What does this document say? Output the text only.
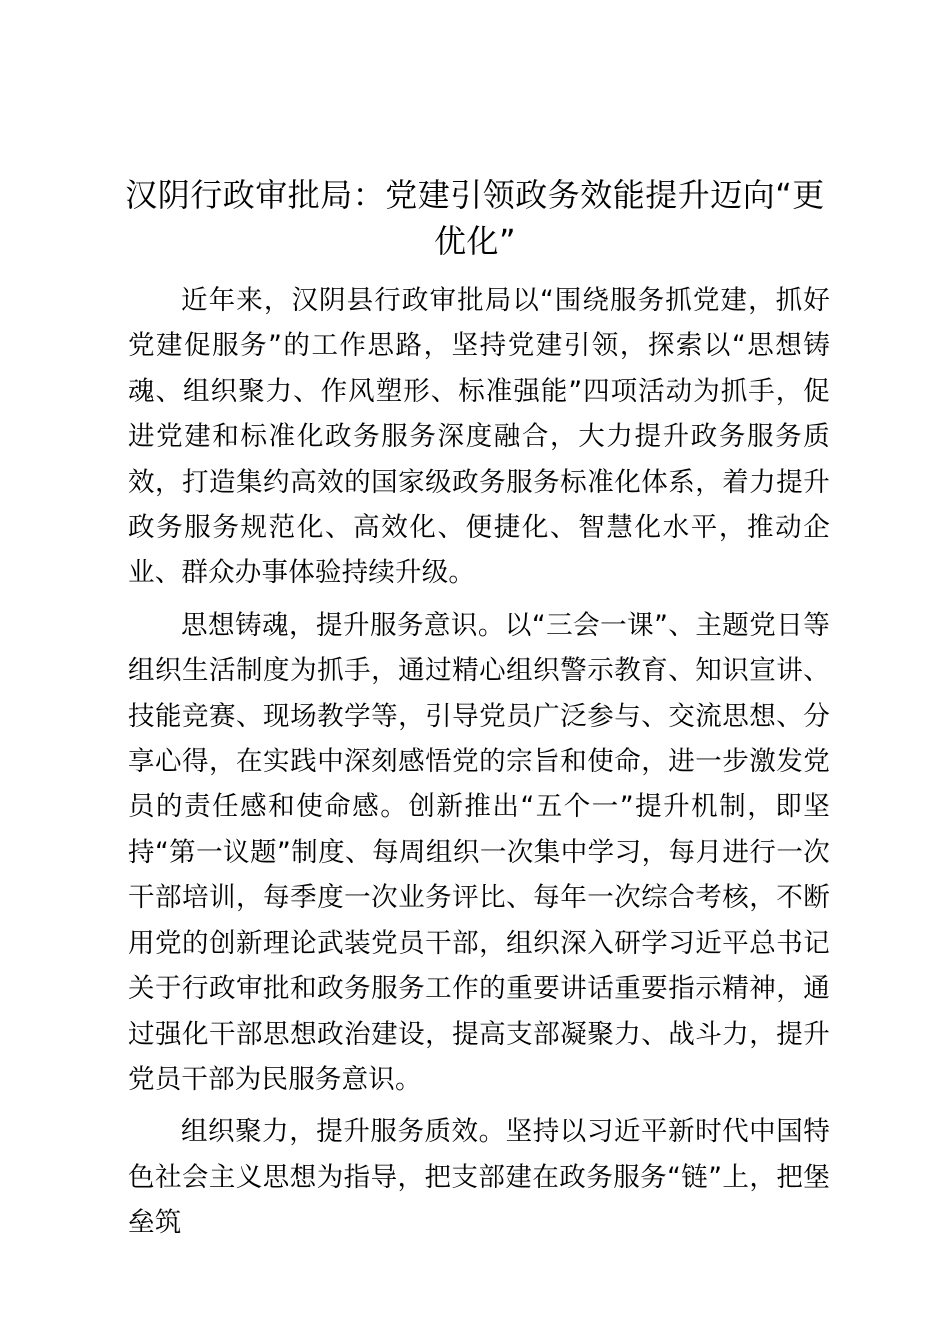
汉阴行政审批局：党建引领政务效能提升迈向“更优化”

近年来，汉阴县行政审批局以“围绕服务抓党建，抓好党建促服务”的工作思路，坚持党建引领，探索以“思想铸魂、组织聚力、作风塑形、标准强能”四项活动为抓手，促进党建和标准化政务服务深度融合，大力提升政务服务质效，打造集约高效的国家级政务服务标准化体系，着力提升政务服务规范化、高效化、便捷化、智慧化水平，推动企业、群众办事体验持续升级。

思想铸魂，提升服务意识。以“三会一课”、主题党日等组织生活制度为抓手，通过精心组织警示教育、知识宣讲、技能竞赛、现场教学等，引导党员广泛参与、交流思想、分享心得，在实践中深刻感悟党的宗旨和使命，进一步激发党员的责任感和使命感。创新推出“五个一”提升机制，即坚持“第一议题”制度、每周组织一次集中学习，每月进行一次干部培训，每季度一次业务评比、每年一次综合考核，不断用党的创新理论武装党员干部，组织深入研学习近平总书记关于行政审批和政务服务工作的重要讲话重要指示精神，通过强化干部思想政治建设，提高支部凝聚力、战斗力，提升党员干部为民服务意识。

组织聚力，提升服务质效。坚持以习近平新时代中国特色社会主义思想为指导，把支部建在政务服务“链”上，把堡垒筑
